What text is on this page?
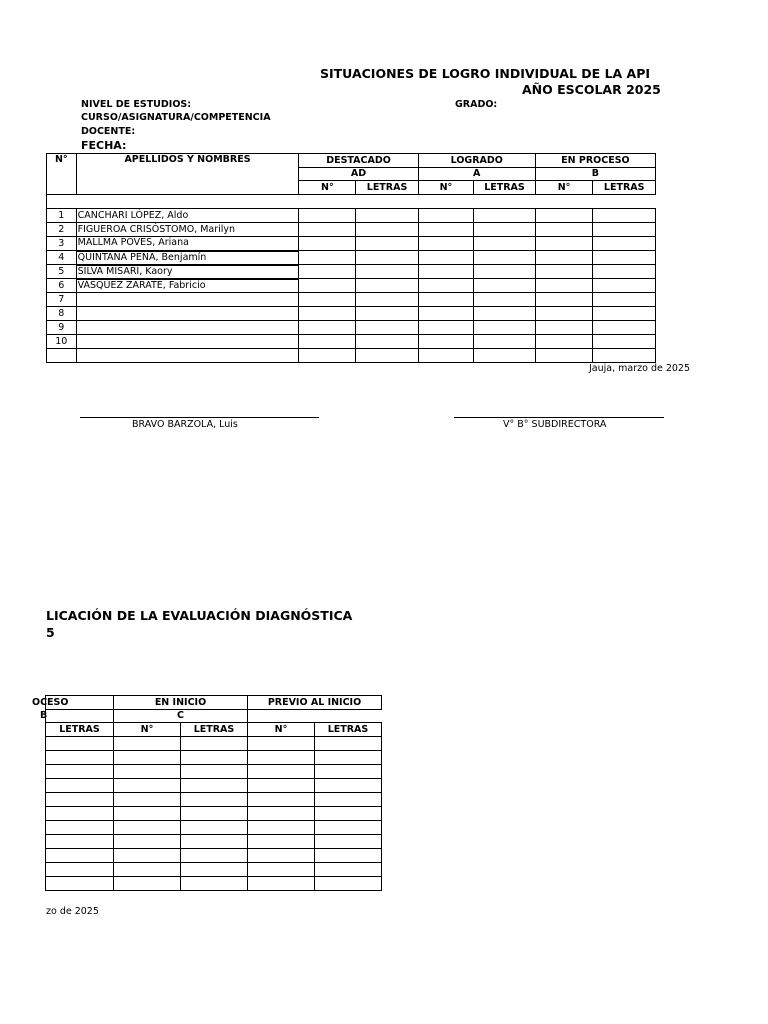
SITUACIONES DE LOGRO INDIVIDUAL DE LA API
AÑO ESCOLAR 2025
NIVEL DE ESTUDIOS:	GRADO:
CURSO/ASIGNATURA/COMPETENCIA
DOCENTE:
FECHA:
N°	APELLIDOS Y NOMBRES	DESTACADO		LOGRADO		EN PROCESO	
		AD		A		B	
		N°	LETRAS	N°	LETRAS	N°	LETRAS

1	CANCHARI LÓPEZ, Aldo						
2	FIGUEROA CRISÓSTOMO, Marilyn						
3	MALLMA POVES, Ariana						
4	QUINTANA PEÑA, Benjamín						
5	SILVA MISARI, Kaory						
6	VÁSQUEZ ZARATE, Fabricio						
7							
8							
9							
10							

Jauja, marzo de 2025
BRAVO BARZOLA, Luis	V° B° SUBDIRECTORA
LICACIÓN DE LA EVALUACIÓN DIAGNÓSTICA
5
OCESO	EN INICIO		PREVIO AL INICIO	
B	C			
LETRAS	N°	LETRAS	N°	LETRAS

zo de 2025
